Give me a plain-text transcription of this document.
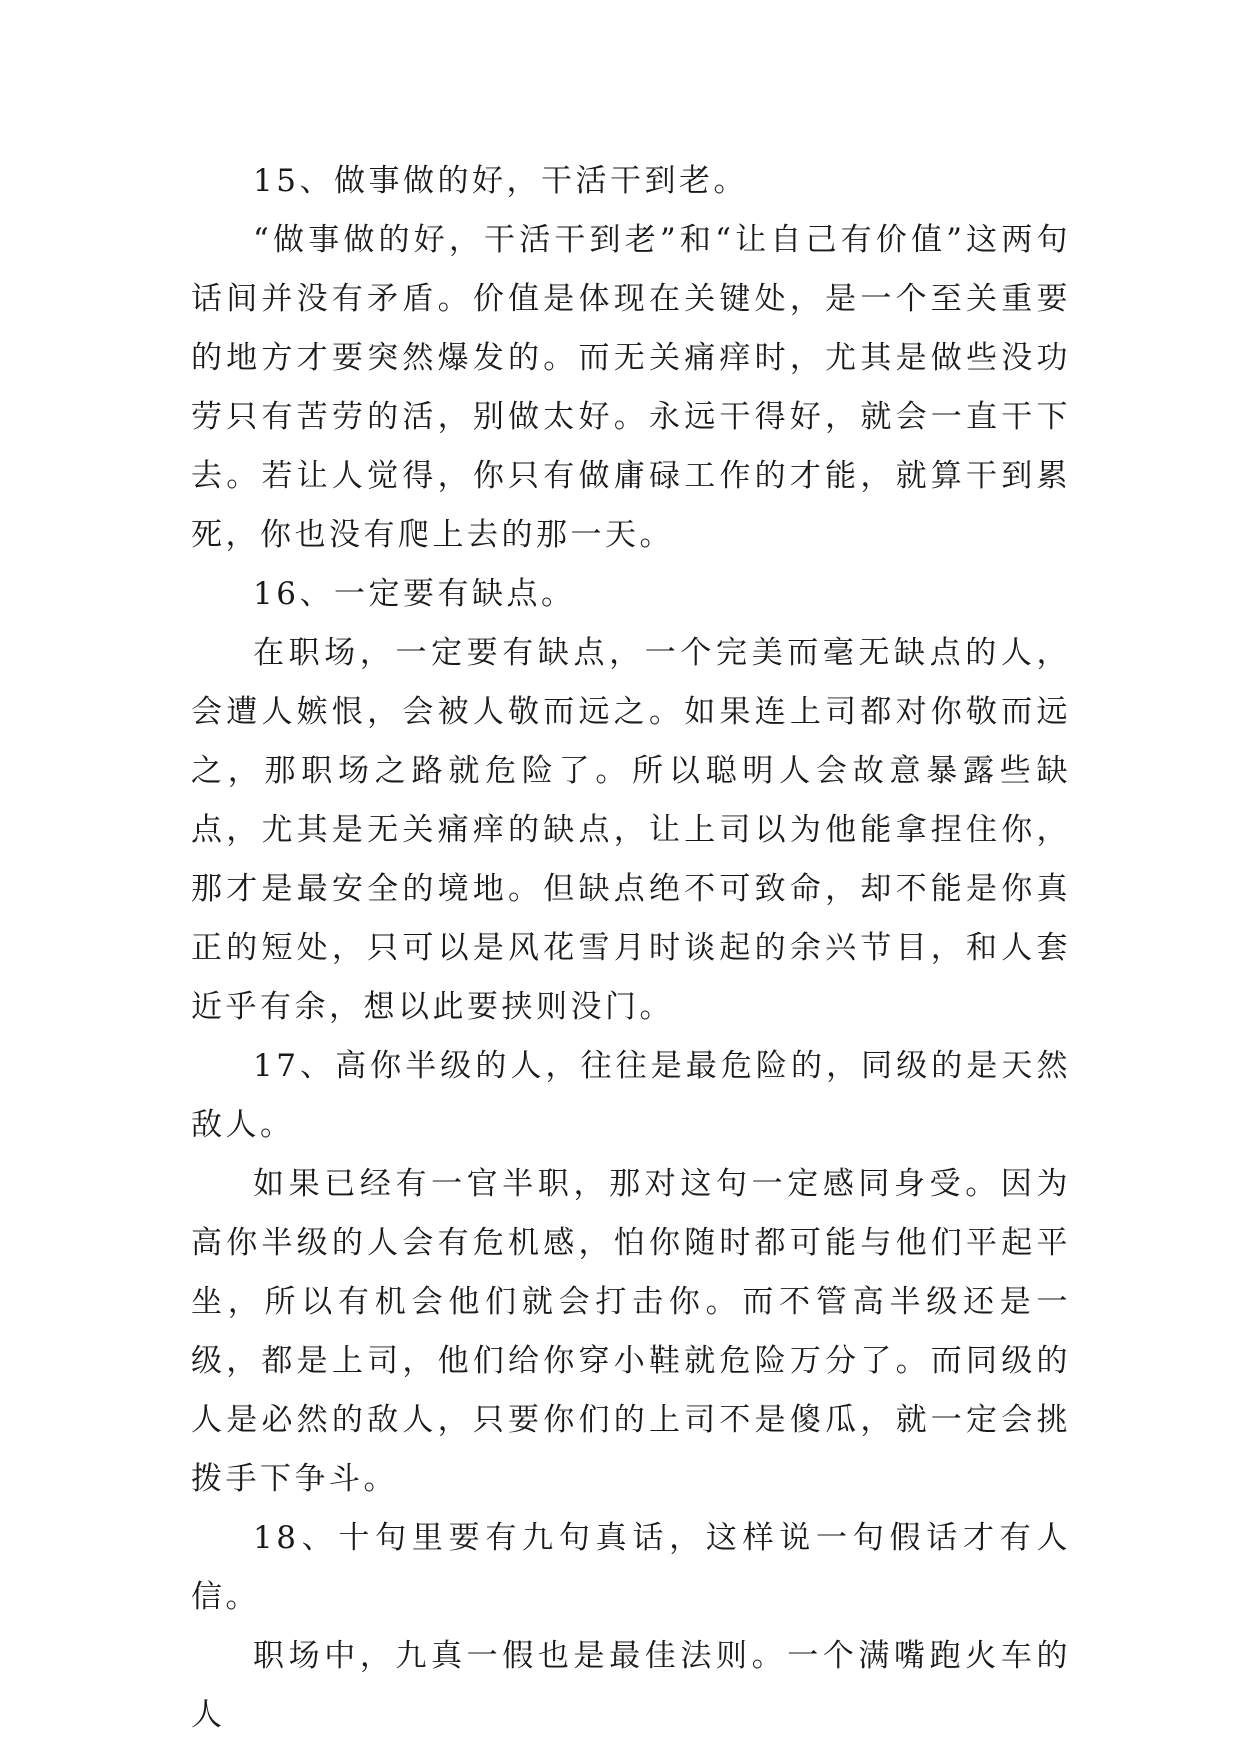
15、做事做的好，干活干到老。

“做事做的好，干活干到老”和“让自己有价值”这两句话间并没有矛盾。价值是体现在关键处，是一个至关重要的地方才要突然爆发的。而无关痛痒时，尤其是做些没功劳只有苦劳的活，别做太好。永远干得好，就会一直干下去。若让人觉得，你只有做庸碌工作的才能，就算干到累死，你也没有爬上去的那一天。

16、一定要有缺点。

在职场，一定要有缺点，一个完美而毫无缺点的人，会遭人嫉恨，会被人敬而远之。如果连上司都对你敬而远之，那职场之路就危险了。所以聪明人会故意暴露些缺点，尤其是无关痛痒的缺点，让上司以为他能拿捏住你，那才是最安全的境地。但缺点绝不可致命，却不能是你真正的短处，只可以是风花雪月时谈起的余兴节目，和人套近乎有余，想以此要挟则没门。

17、高你半级的人，往往是最危险的，同级的是天然敌人。

如果已经有一官半职，那对这句一定感同身受。因为高你半级的人会有危机感，怕你随时都可能与他们平起平坐，所以有机会他们就会打击你。而不管高半级还是一级，都是上司，他们给你穿小鞋就危险万分了。而同级的人是必然的敌人，只要你们的上司不是傻瓜，就一定会挑拨手下争斗。

18、十句里要有九句真话，这样说一句假话才有人信。

职场中，九真一假也是最佳法则。一个满嘴跑火车的人
